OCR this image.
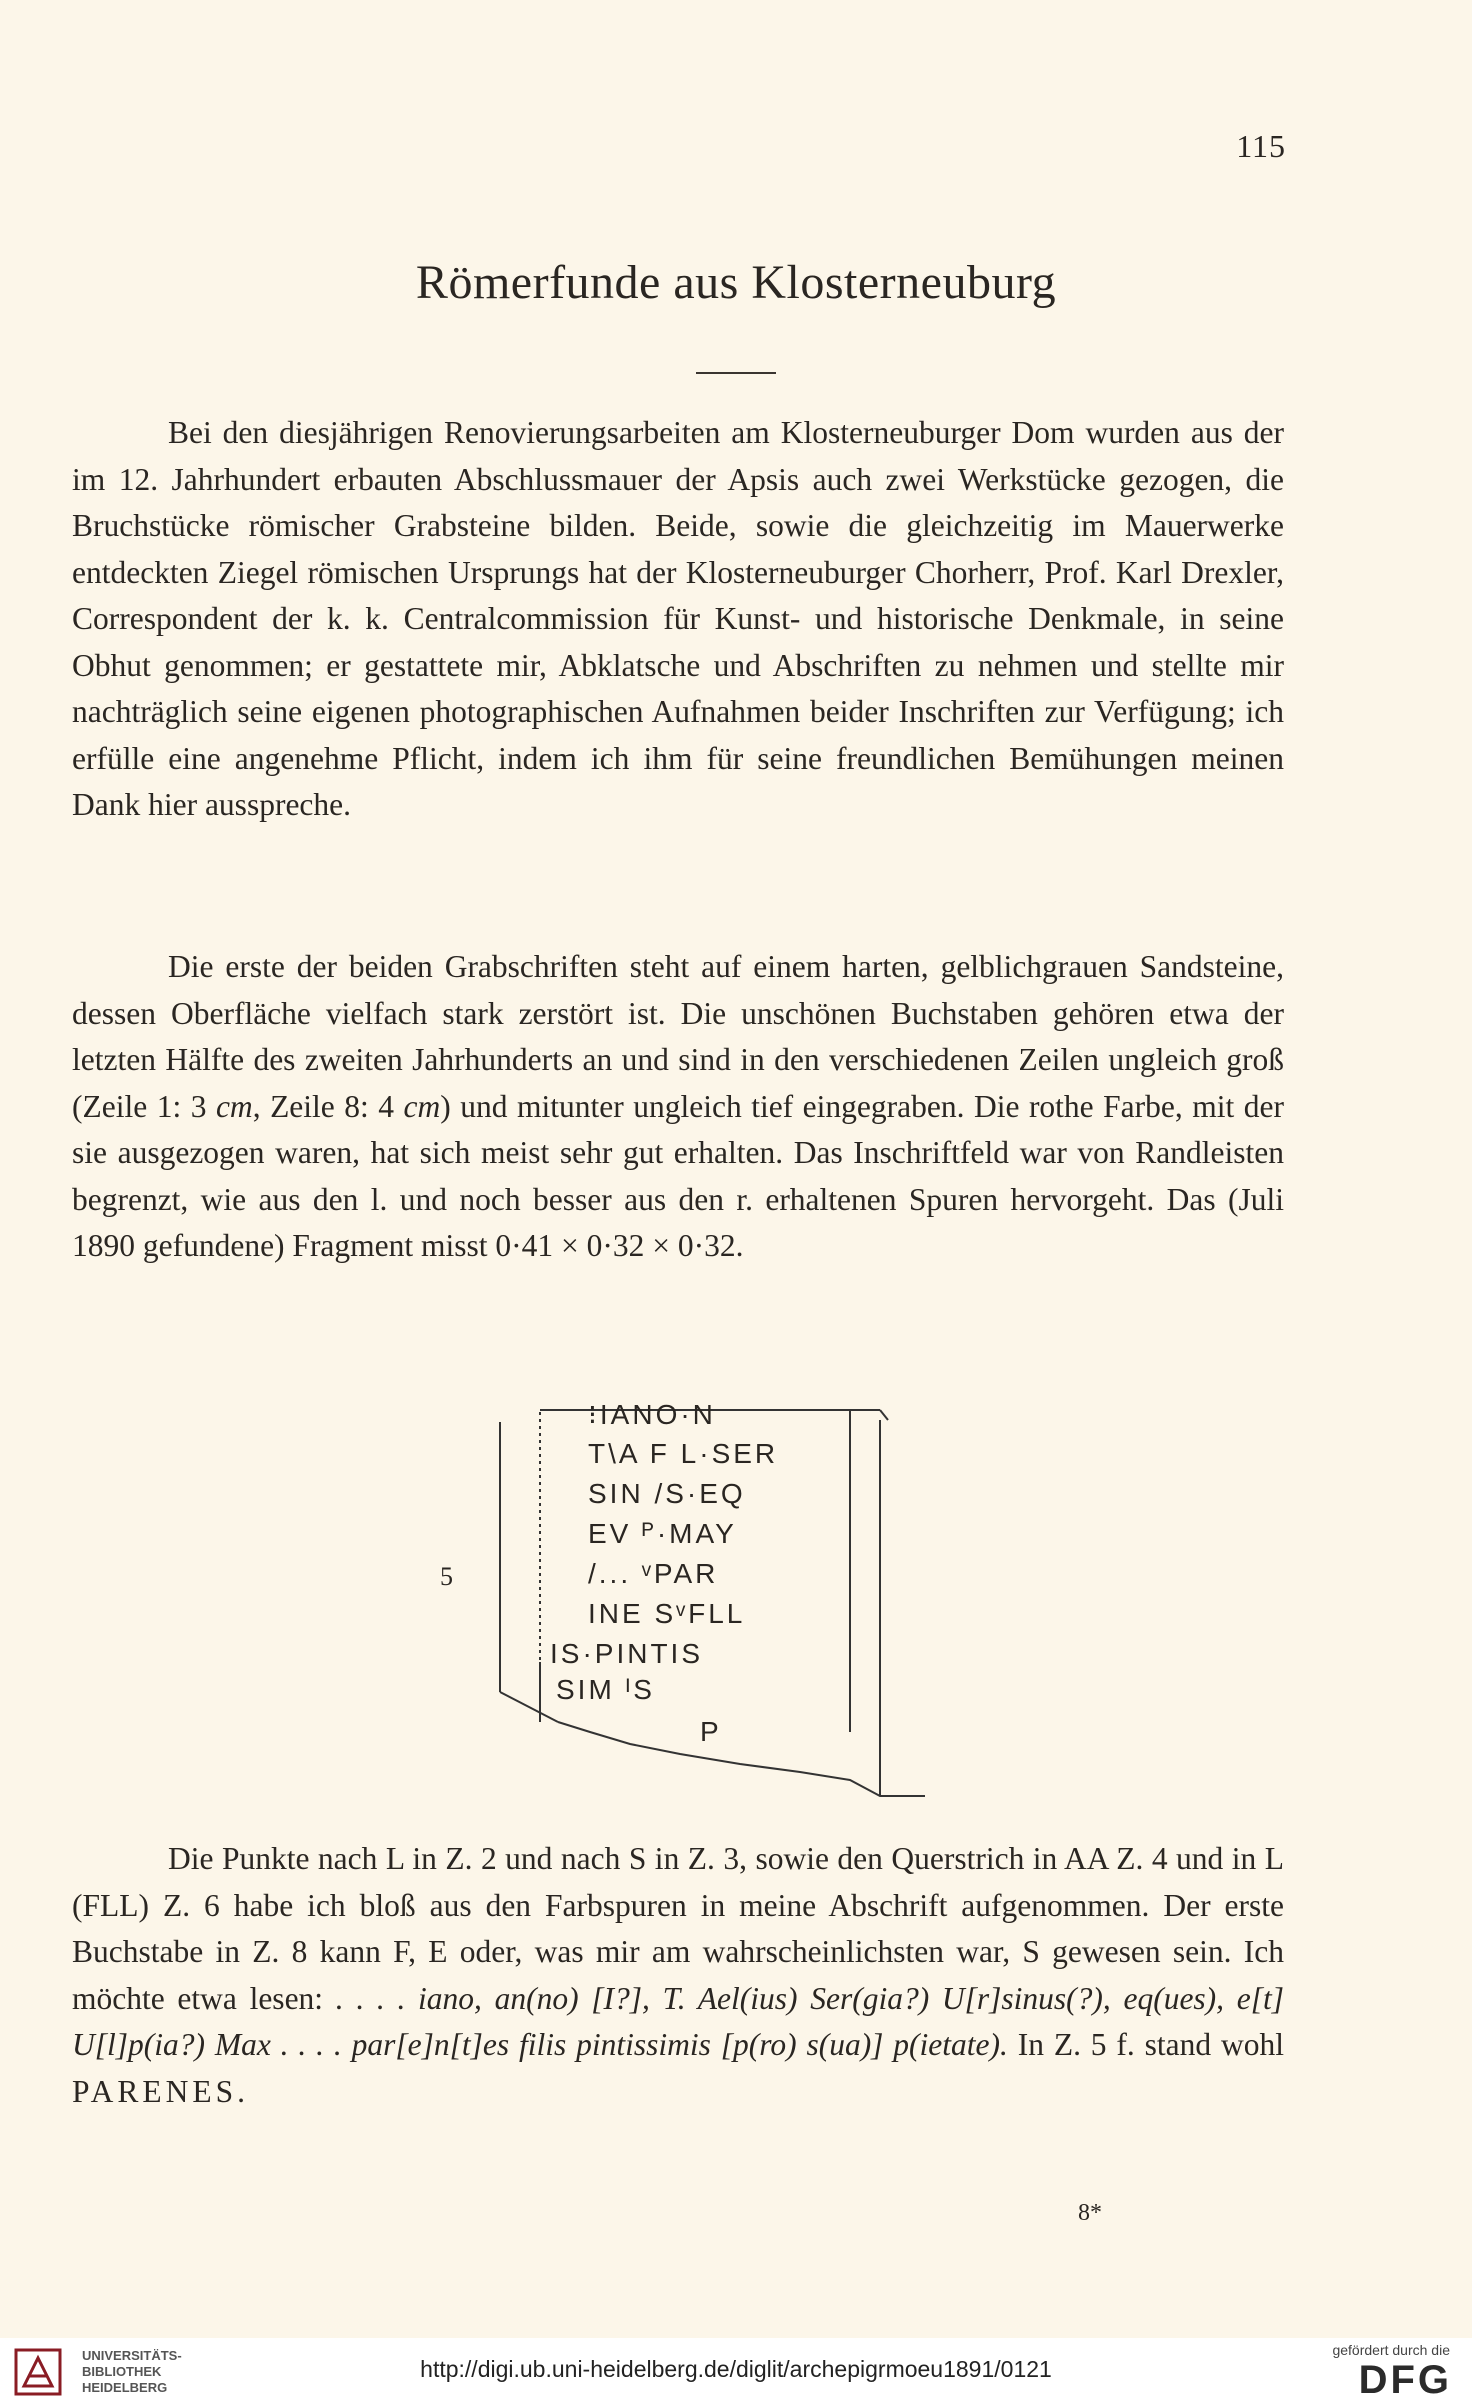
115
Römerfunde aus Klosterneuburg

Bei den diesjährigen Renovierungsarbeiten am Klosterneuburger Dom wurden aus der im 12. Jahrhundert erbauten Abschlussmauer der Apsis auch zwei Werkstücke gezogen, die Bruchstücke römischer Grabsteine bilden. Beide, sowie die gleichzeitig im Mauerwerke entdeckten Ziegel römischen Ursprungs hat der Klosterneuburger Chorherr, Prof. Karl Drexler, Correspondent der k. k. Centralcommission für Kunst- und historische Denkmale, in seine Obhut genommen; er gestattete mir, Abklatsche und Abschriften zu nehmen und stellte mir nachträglich seine eigenen photographischen Aufnahmen beider Inschriften zur Verfügung; ich erfülle eine angenehme Pflicht, indem ich ihm für seine freundlichen Bemühungen meinen Dank hier ausspreche.

Die erste der beiden Grabschriften steht auf einem harten, gelblichgrauen Sandsteine, dessen Oberfläche vielfach stark zerstört ist. Die unschönen Buchstaben gehören etwa der letzten Hälfte des zweiten Jahrhunderts an und sind in den verschiedenen Zeilen ungleich groß (Zeile 1: 3 cm, Zeile 8: 4 cm) und mitunter ungleich tief eingegraben. Die rothe Farbe, mit der sie ausgezogen waren, hat sich meist sehr gut erhalten. Das Inschriftfeld war von Randleisten begrenzt, wie aus den l. und noch besser aus den r. erhaltenen Spuren hervorgeht. Das (Juli 1890 gefundene) Fragment misst 0·41 × 0·32 × 0·32.

⁝IANO·N
T\A F L·SER
SIN /S·EQ
EV ᴾ·MAY
/... ᵛPAR
INE SᵛFLL
IS·PINTIS
SIM ᴵS
P
5

Die Punkte nach L in Z. 2 und nach S in Z. 3, sowie den Querstrich in AA Z. 4 und in L (FLL) Z. 6 habe ich bloß aus den Farbspuren in meine Abschrift aufgenommen. Der erste Buchstabe in Z. 8 kann F, E oder, was mir am wahrscheinlichsten war, S gewesen sein. Ich möchte etwa lesen: . . . . iano, an(no) [I?], T. Ael(ius) Ser(gia?) U[r]sinus(?), eq(ues), e[t] U[l]p(ia?) Max . . . . par[e]n[t]es filis pintissimis [p(ro) s(ua)] p(ietate). In Z. 5 f. stand wohl PARENES.

8*
UNIVERSITÄTS-
BIBLIOTHEK
HEIDELBERG
http://digi.ub.uni-heidelberg.de/diglit/archepigrmoeu1891/0121
gefördert durch die
DFG
